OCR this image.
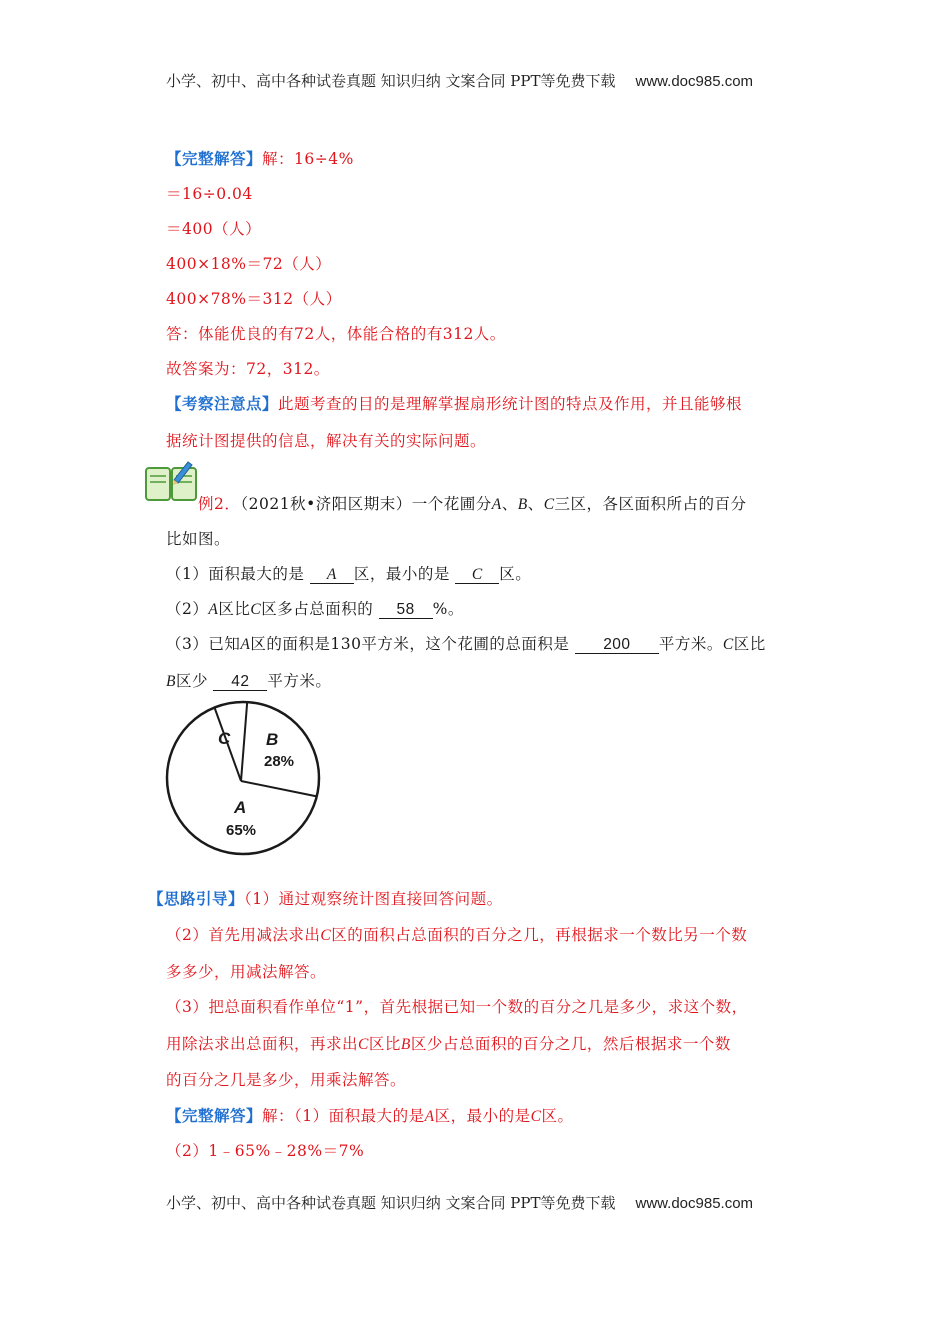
小学、初中、高中各种试卷真题 知识归纳 文案合同 PPT等免费下载 www.doc985.com
【完整解答】解：16÷4%
＝16÷0.04
＝400（人）
400×18%＝72（人）
400×78%＝312（人）
答：体能优良的有72人，体能合格的有312人。
故答案为：72，312。
【考察注意点】此题考查的目的是理解掌握扇形统计图的特点及作用，并且能够根
据统计图提供的信息，解决有关的实际问题。
例2．（2021秋•济阳区期末）一个花圃分A、B、C三区，各区面积所占的百分
比如图。
（1）面积最大的是 A 区，最小的是 C 区。
（2）A区比C区多占总面积的 58 %。
（3）已知A区的面积是130平方米，这个花圃的总面积是 200 平方米。C区比
B区少 42 平方米。
C B
28%
A
65%
【思路引导】（1）通过观察统计图直接回答问题。
（2）首先用减法求出C区的面积占总面积的百分之几，再根据求一个数比另一个数
多多少，用减法解答。
（3）把总面积看作单位“1”，首先根据已知一个数的百分之几是多少，求这个数，
用除法求出总面积，再求出C区比B区少占总面积的百分之几，然后根据求一个数
的百分之几是多少，用乘法解答。
【完整解答】解：（1）面积最大的是A区，最小的是C区。
（2）1﹣65%﹣28%＝7%
小学、初中、高中各种试卷真题 知识归纳 文案合同 PPT等免费下载 www.doc985.com
